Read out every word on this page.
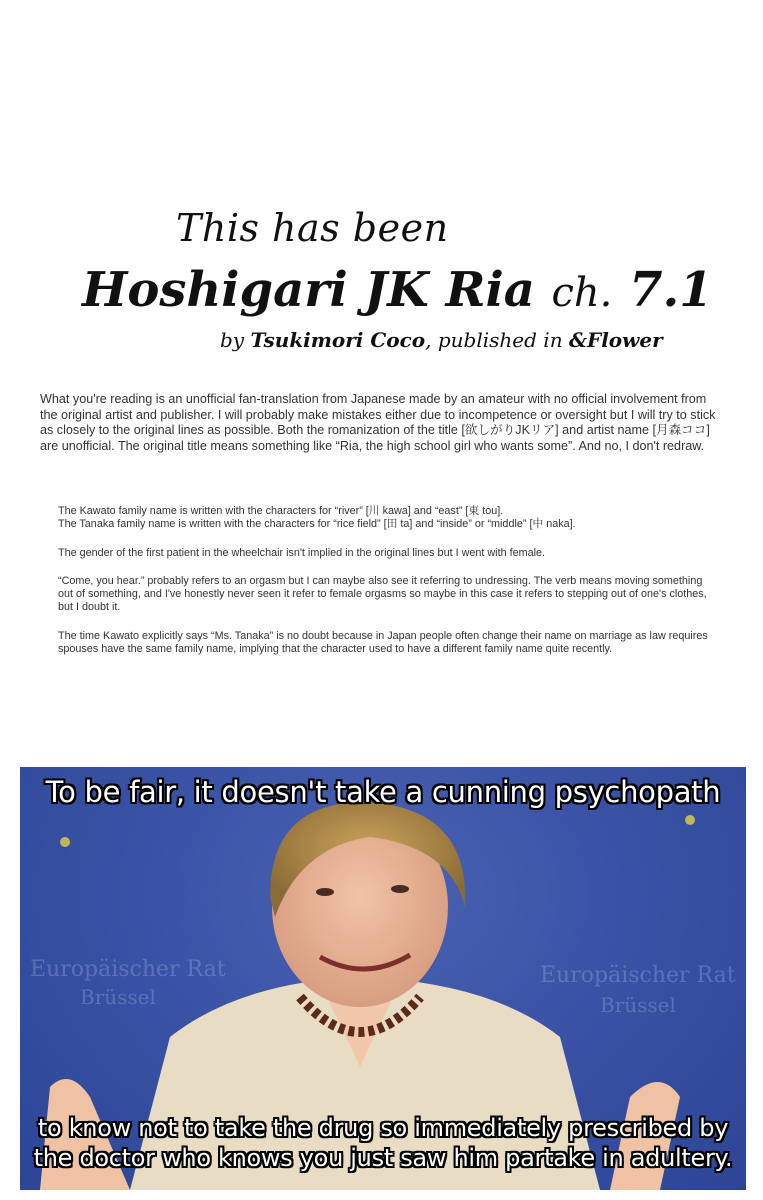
This has been
Hoshigari JK Ria ch. 7.1
by Tsukimori Coco, published in &Flower
What you're reading is an unofficial fan-translation from Japanese made by an amateur with no official involvement from the original artist and publisher. I will probably make mistakes either due to incompetence or oversight but I will try to stick as closely to the original lines as possible. Both the romanization of the title [欲しがりJKリア] and artist name [月森ココ] are unofficial. The original title means something like “Ria, the high school girl who wants some”. And no, I don't redraw.

The Kawato family name is written with the characters for “river” [川 kawa] and “east” [東 tou].
The Tanaka family name is written with the characters for “rice field” [田 ta] and “inside” or “middle” [中 naka].

The gender of the first patient in the wheelchair isn't implied in the original lines but I went with female.

“Come, you hear.” probably refers to an orgasm but I can maybe also see it referring to undressing. The verb means moving something out of something, and I've honestly never seen it refer to female orgasms so maybe in this case it refers to stepping out of one's clothes, but I doubt it.

The time Kawato explicitly says “Ms. Tanaka” is no doubt because in Japan people often change their name on marriage as law requires spouses have the same family name, implying that the character used to have a different family name quite recently.

Europäischer Rat
Brüssel
Europäischer Rat
Brüssel
To be fair, it doesn't take a cunning psychopath
to know not to take the drug so immediately prescribed by
the doctor who knows you just saw him partake in adultery.
